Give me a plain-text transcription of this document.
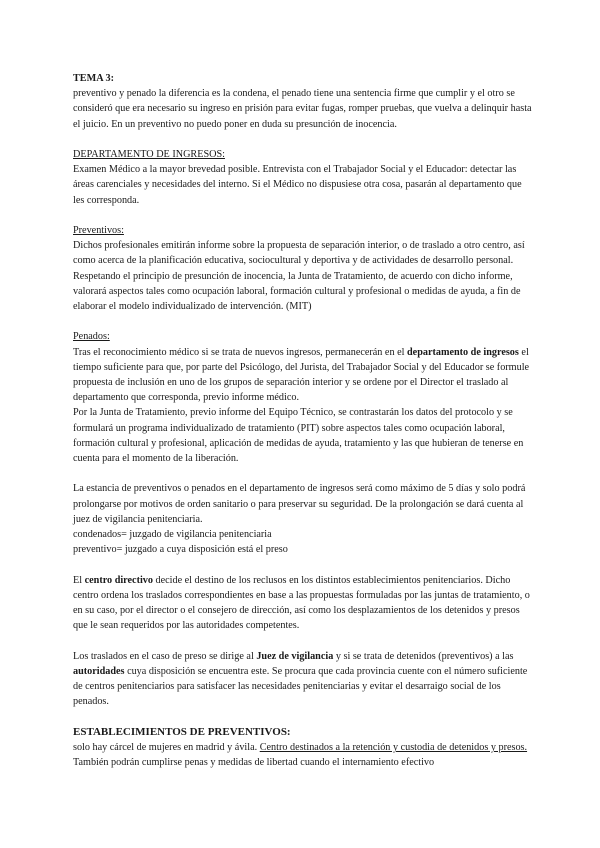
TEMA 3:

preventivo y penado la diferencia es la condena, el penado tiene una sentencia firme que cumplir y el otro se consideró que era necesario su ingreso en prisión para evitar fugas, romper pruebas, que vuelva a delinquir hasta el juicio. En un preventivo no puedo poner en duda su presunción de inocencia.

DEPARTAMENTO DE INGRESOS:

Examen Médico a la mayor brevedad posible. Entrevista con el Trabajador Social y el Educador: detectar las áreas carenciales y necesidades del interno. Si el Médico no dispusiese otra cosa, pasarán al departamento que les corresponda.

Preventivos:

Dichos profesionales emitirán informe sobre la propuesta de separación interior, o de traslado a otro centro, así como acerca de la planificación educativa, sociocultural y deportiva y de actividades de desarrollo personal.

Respetando el principio de presunción de inocencia, la Junta de Tratamiento, de acuerdo con dicho informe, valorará aspectos tales como ocupación laboral, formación cultural y profesional o medidas de ayuda, a fin de elaborar el modelo individualizado de intervención. (MIT)

Penados:

Tras el reconocimiento médico si se trata de nuevos ingresos, permanecerán en el departamento de ingresos el tiempo suficiente para que, por parte del Psicólogo, del Jurista, del Trabajador Social y del Educador se formule propuesta de inclusión en uno de los grupos de separación interior y se ordene por el Director el traslado al departamento que corresponda, previo informe médico.

Por la Junta de Tratamiento, previo informe del Equipo Técnico, se contrastarán los datos del protocolo y se formulará un programa individualizado de tratamiento (PIT) sobre aspectos tales como ocupación laboral, formación cultural y profesional, aplicación de medidas de ayuda, tratamiento y las que hubieran de tenerse en cuenta para el momento de la liberación.

La estancia de preventivos o penados en el departamento de ingresos será como máximo de 5 días y solo podrá prolongarse por motivos de orden sanitario o para preservar su seguridad. De la prolongación se dará cuenta al juez de vigilancia penitenciaria.

condenados= juzgado de vigilancia penitenciaria

preventivo= juzgado a cuya disposición está el preso

El centro directivo decide el destino de los reclusos en los distintos establecimientos penitenciarios. Dicho centro ordena los traslados correspondientes en base a las propuestas formuladas por las juntas de tratamiento, o en su caso, por el director o el consejero de dirección, así como los desplazamientos de los detenidos y presos que le sean requeridos por las autoridades competentes.

Los traslados en el caso de preso se dirige al Juez de vigilancia y si se trata de detenidos (preventivos) a las autoridades cuya disposición se encuentra este. Se procura que cada provincia cuente con el número suficiente de centros penitenciarios para satisfacer las necesidades penitenciarias y evitar el desarraigo social de los penados.

ESTABLECIMIENTOS DE PREVENTIVOS:

solo hay cárcel de mujeres en madrid y ávila. Centro destinados a la retención y custodia de detenidos y presos. También podrán cumplirse penas y medidas de libertad cuando el internamiento efectivo
